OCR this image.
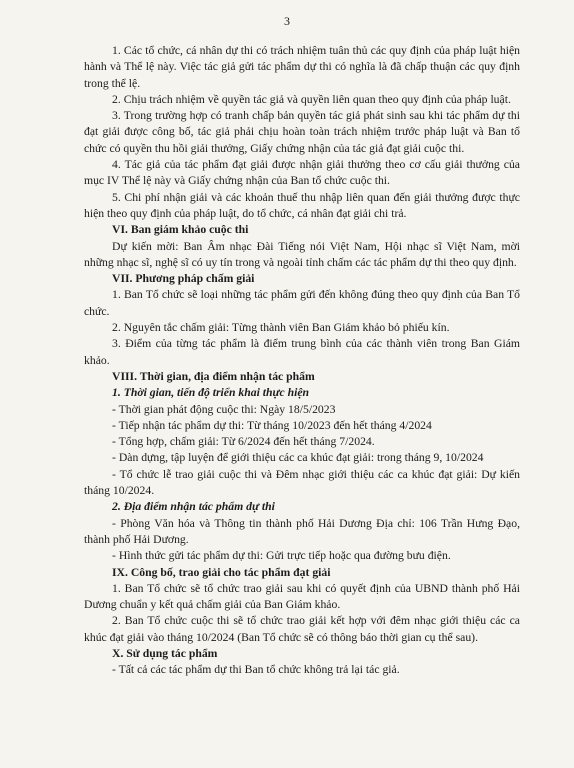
3

1. Các tổ chức, cá nhân dự thi có trách nhiệm tuân thủ các quy định của pháp luật hiện hành và Thể lệ này. Việc tác giả gửi tác phẩm dự thi có nghĩa là đã chấp thuận các quy định trong thể lệ.

2. Chịu trách nhiệm về quyền tác giả và quyền liên quan theo quy định của pháp luật.

3. Trong trường hợp có tranh chấp bản quyền tác giả phát sinh sau khi tác phẩm dự thi đạt giải được công bố, tác giả phải chịu hoàn toàn trách nhiệm trước pháp luật và Ban tổ chức có quyền thu hồi giải thưởng, Giấy chứng nhận của tác giả đạt giải cuộc thi.

4. Tác giả của tác phẩm đạt giải được nhận giải thưởng theo cơ cấu giải thưởng của mục IV Thể lệ này và Giấy chứng nhận của Ban tổ chức cuộc thi.

5. Chi phí nhận giải và các khoản thuế thu nhập liên quan đến giải thưởng được thực hiện theo quy định của pháp luật, do tổ chức, cá nhân đạt giải chi trả.

VI. Ban giám khảo cuộc thi

Dự kiến mời: Ban Âm nhạc Đài Tiếng nói Việt Nam, Hội nhạc sĩ Việt Nam, mời những nhạc sĩ, nghệ sĩ có uy tín trong và ngoài tỉnh chấm các tác phẩm dự thi theo quy định.

VII. Phương pháp chấm giải

1. Ban Tổ chức sẽ loại những tác phẩm gửi đến không đúng theo quy định của Ban Tổ chức.

2. Nguyên tắc chấm giải: Từng thành viên Ban Giám khảo bỏ phiếu kín.

3. Điểm của từng tác phẩm là điểm trung bình của các thành viên trong Ban Giám khảo.

VIII. Thời gian, địa điểm nhận tác phẩm

1. Thời gian, tiến độ triển khai thực hiện

- Thời gian phát động cuộc thi: Ngày 18/5/2023

- Tiếp nhận tác phẩm dự thi: Từ tháng 10/2023 đến hết tháng 4/2024

- Tổng hợp, chấm giải: Từ 6/2024 đến hết tháng 7/2024.

- Dàn dựng, tập luyện để giới thiệu các ca khúc đạt giải: trong tháng 9, 10/2024

- Tổ chức lễ trao giải cuộc thi và Đêm nhạc giới thiệu các ca khúc đạt giải: Dự kiến tháng 10/2024.

2. Địa điểm nhận tác phẩm dự thi

- Phòng Văn hóa và Thông tin thành phố Hải Dương Địa chỉ: 106 Trần Hưng Đạo, thành phố Hải Dương.

- Hình thức gửi tác phẩm dự thi: Gửi trực tiếp hoặc qua đường bưu điện.

IX. Công bố, trao giải cho tác phẩm đạt giải

1. Ban Tổ chức sẽ tổ chức trao giải sau khi có quyết định của UBND thành phố Hải Dương chuẩn y kết quả chấm giải của Ban Giám khảo.

2. Ban Tổ chức cuộc thi sẽ tổ chức trao giải kết hợp với đêm nhạc giới thiệu các ca khúc đạt giải vào tháng 10/2024 (Ban Tổ chức sẽ có thông báo thời gian cụ thể sau).

X. Sử dụng tác phẩm

- Tất cả các tác phẩm dự thi Ban tổ chức không trả lại tác giả.
